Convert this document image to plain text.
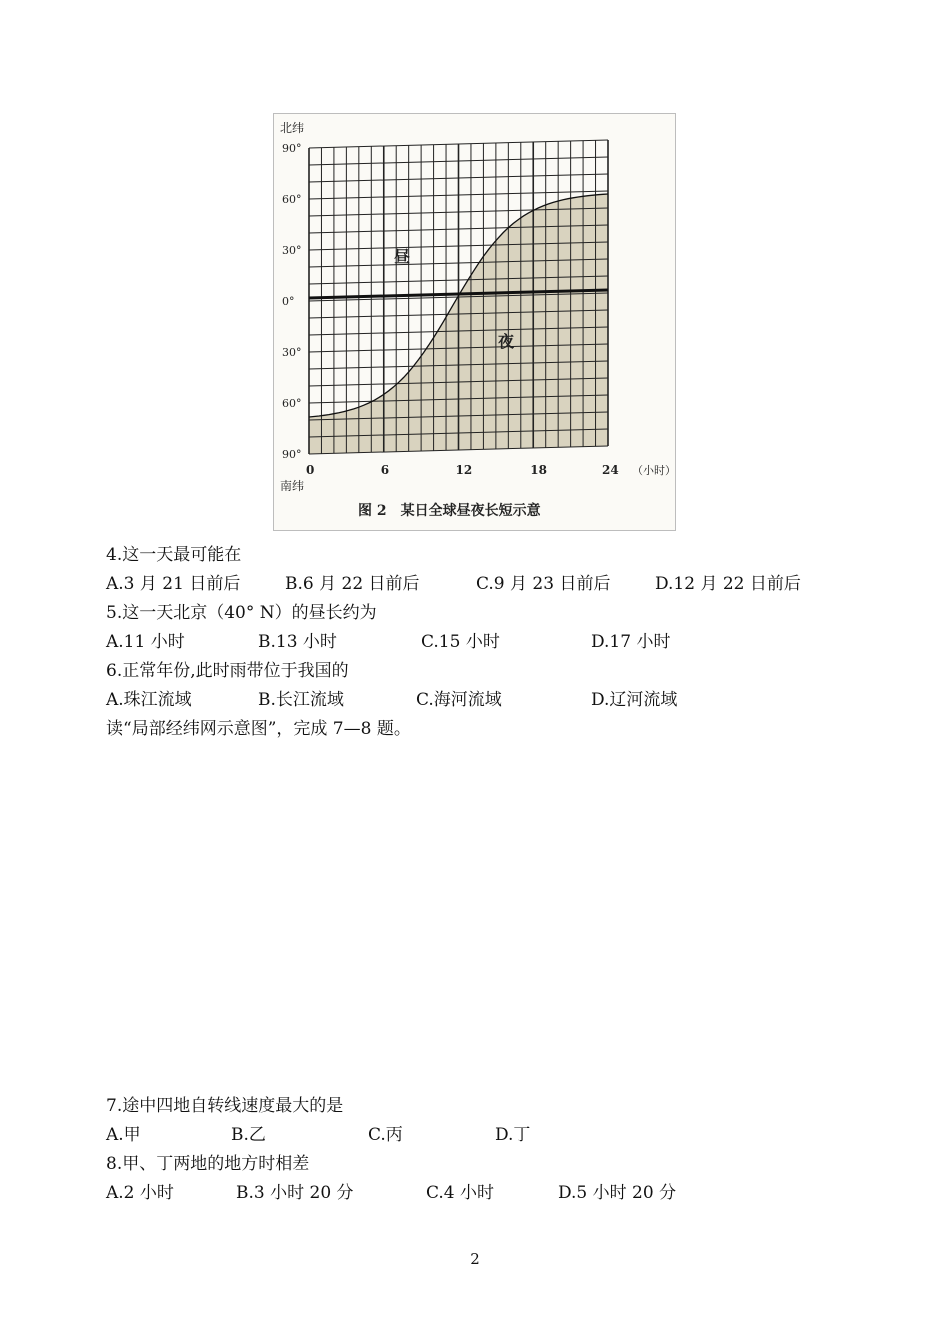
北纬
90°
60°
30°
0°
30°
60°
90°
0	6	12	18	24
昼
夜
南纬
（小时）
图 2　某日全球昼夜长短示意
4.这一天最可能在
A.3 月 21 日前后	B.6 月 22 日前后	C.9 月 23 日前后	D.12 月 22 日前后
5.这一天北京（40° N）的昼长约为
A.11 小时	B.13 小时	C.15 小时	D.17 小时
6.正常年份,此时雨带位于我国的
A.珠江流域	B.长江流域	C.海河流域	D.辽河流域
读“局部经纬网示意图”，完成 7—8 题。
7.途中四地自转线速度最大的是
A.甲	B.乙	C.丙	D.丁
8.甲、丁两地的地方时相差
A.2 小时	B.3 小时 20 分	C.4 小时	D.5 小时 20 分
2
